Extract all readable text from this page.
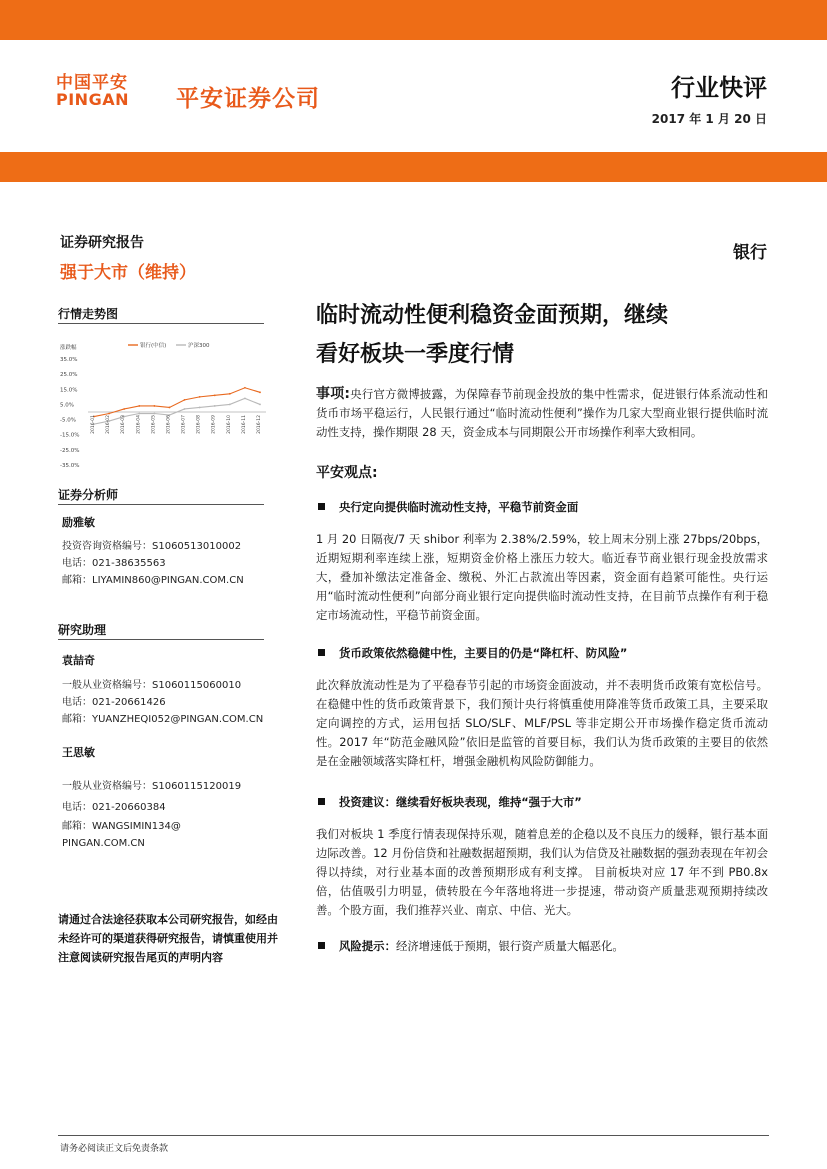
中国平安
PINGAN 平安证券公司	行业快评
2017 年 1 月 20 日
证券研究报告
强于大市（维持）
银行
行情走势图
涨跌幅
35.0%
25.0%
15.0%
5.0%
-5.0%
-15.0%
-25.0%
-35.0%
2016-01 2016-02 2016-03 2016-04 2016-05 2016-06 2016-07 2016-08 2016-09 2016-10 2016-11 2016-12
银行(中信)	沪深300
证券分析师
励雅敏
投资咨询资格编号：S1060513010002
电话：021-38635563
邮箱：LIYAMIN860@PINGAN.COM.CN
研究助理
袁喆奇
一般从业资格编号：S1060115060010
电话：021-20661426
邮箱：YUANZHEQI052@PINGAN.COM.CN
王思敏
一般从业资格编号：S1060115120019
电话：021-20660384
邮箱：WANGSIMIN134@
PINGAN.COM.CN
请通过合法途径获取本公司研究报告，如经由未经许可的渠道获得研究报告，请慎重使用并注意阅读研究报告尾页的声明内容
临时流动性便利稳资金面预期，继续
看好板块一季度行情
事项:央行官方微博披露，为保障春节前现金投放的集中性需求，促进银行体系流动性和货币市场平稳运行，人民银行通过“临时流动性便利”操作为几家大型商业银行提供临时流动性支持，操作期限 28 天，资金成本与同期限公开市场操作利率大致相同。
平安观点:
央行定向提供临时流动性支持，平稳节前资金面
1 月 20 日隔夜/7 天 shibor 利率为 2.38%/2.59%，较上周末分别上涨 27bps/20bps，近期短期利率连续上涨，短期资金价格上涨压力较大。临近春节商业银行现金投放需求大，叠加补缴法定准备金、缴税、外汇占款流出等因素，资金面有趋紧可能性。央行运用“临时流动性便利”向部分商业银行定向提供临时流动性支持，在目前节点操作有利于稳定市场流动性，平稳节前资金面。
货币政策依然稳健中性，主要目的仍是“降杠杆、防风险”
此次释放流动性是为了平稳春节引起的市场资金面波动，并不表明货币政策有宽松信号。在稳健中性的货币政策背景下，我们预计央行将慎重使用降准等货币政策工具，主要采取定向调控的方式，运用包括 SLO/SLF、MLF/PSL 等非定期公开市场操作稳定货币流动性。2017 年“防范金融风险”依旧是监管的首要目标，我们认为货币政策的主要目的依然是在金融领域落实降杠杆，增强金融机构风险防御能力。
投资建议：继续看好板块表现，维持“强于大市”
我们对板块 1 季度行情表现保持乐观，随着息差的企稳以及不良压力的缓释，银行基本面边际改善。12 月份信贷和社融数据超预期，我们认为信贷及社融数据的强劲表现在年初会得以持续，对行业基本面的改善预期形成有利支撑。 目前板块对应 17 年不到 PB0.8x 倍，估值吸引力明显，债转股在今年落地将进一步提速，带动资产质量悲观预期持续改善。个股方面，我们推荐兴业、南京、中信、光大。
风险提示：经济增速低于预期，银行资产质量大幅恶化。
请务必阅读正文后免责条款
